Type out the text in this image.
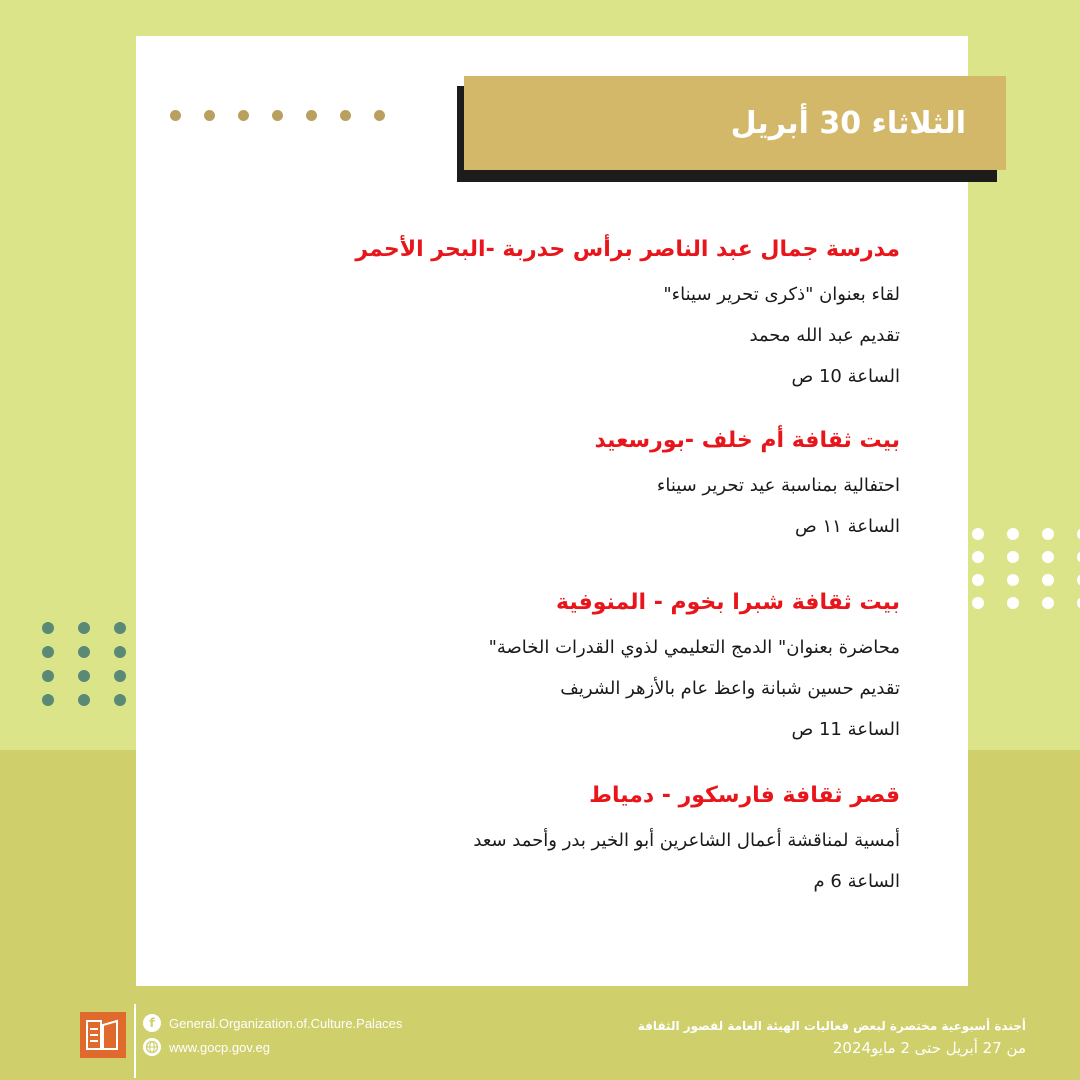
الثلاثاء 30 أبريل
مدرسة جمال عبد الناصر برأس حدربة -البحر الأحمر
لقاء بعنوان "ذكرى تحرير سيناء"
تقديم عبد الله محمد
الساعة 10 ص
بيت ثقافة أم خلف -بورسعيد
احتفالية بمناسبة عيد تحرير سيناء
الساعة ١١ ص
بيت ثقافة شبرا بخوم - المنوفية
محاضرة بعنوان" الدمج التعليمي لذوي القدرات الخاصة"
تقديم حسين شبانة واعظ عام بالأزهر الشريف
الساعة 11 ص
قصر ثقافة فارسكور - دمياط
أمسية لمناقشة أعمال الشاعرين أبو الخير بدر وأحمد سعد
الساعة 6 م
f	General.Organization.of.Culture.Palaces
www.gocp.gov.eg
أجندة أسبوعية مختصرة لبعض فعاليات الهيئة العامة لقصور الثقافة
من 27 أبريل حتى 2 مايو2024
